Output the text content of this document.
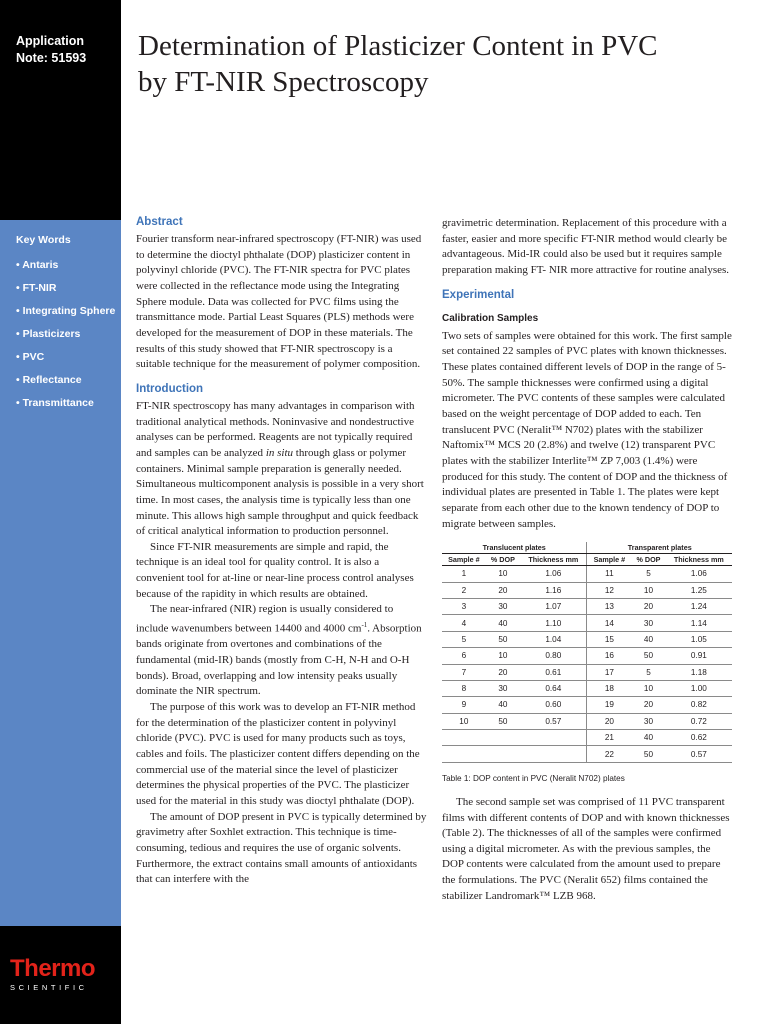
Application
Note: 51593
Key Words
• Antaris
• FT-NIR
• Integrating Sphere
• Plasticizers
• PVC
• Reflectance
• Transmittance
Thermo
SCIENTIFIC
Determination of Plasticizer Content in PVC
by FT-NIR Spectroscopy
Abstract

Fourier transform near-infrared spectroscopy (FT-NIR) was used to determine the dioctyl phthalate (DOP) plasticizer content in polyvinyl chloride (PVC). The FT-NIR spectra for PVC plates were collected in the reflectance mode using the Integrating Sphere module. Data was collected for PVC films using the transmittance mode. Partial Least Squares (PLS) methods were developed for the measurement of DOP in these materials. The results of this study showed that FT-NIR spectroscopy is a suitable technique for the measurement of polymer composition.

Introduction

FT-NIR spectroscopy has many advantages in comparison with traditional analytical methods. Noninvasive and nondestructive analyses can be performed. Reagents are not typically required and samples can be analyzed in situ through glass or polymer containers. Minimal sample preparation is generally needed. Simultaneous multicomponent analysis is possible in a very short time. In most cases, the analysis time is typically less than one minute. This allows high sample throughput and quick feedback of critical analytical information to production personnel.

Since FT-NIR measurements are simple and rapid, the technique is an ideal tool for quality control. It is also a convenient tool for at-line or near-line process control analyses because of the rapidity in which results are obtained.

The near-infrared (NIR) region is usually considered to include wavenumbers between 14400 and 4000 $cm^{-1}$. Absorption bands originate from overtones and combinations of the fundamental (mid-IR) bands (mostly from C-H, N-H and O-H bonds). Broad, overlapping and low intensity peaks usually dominate the NIR spectrum.

The purpose of this work was to develop an FT-NIR method for the determination of the plasticizer content in polyvinyl chloride (PVC). PVC is used for many products such as toys, cables and foils. The plasticizer content differs depending on the commercial use of the material since the level of plasticizer determines the physical properties of the PVC. The plasticizer used for the material in this study was dioctyl phthalate (DOP).

The amount of DOP present in PVC is typically determined by gravimetry after Soxhlet extraction. This technique is time-consuming, tedious and requires the use of organic solvents. Furthermore, the extract contains small amounts of antioxidants that can interfere with the

gravimetric determination. Replacement of this procedure with a faster, easier and more specific FT-NIR method would clearly be advantageous. Mid-IR could also be used but it requires sample preparation making FT- NIR more attractive for routine analyses.

Experimental
Calibration Samples

Two sets of samples were obtained for this work. The first sample set contained 22 samples of PVC plates with known thicknesses. These plates contained different levels of DOP in the range of 5-50%. The sample thicknesses were confirmed using a digital micrometer. The PVC contents of these samples were calculated based on the weight percentage of DOP added to each. Ten translucent PVC (Neralit™ N702) plates with the stabilizer Naftomix™ MCS 20 (2.8%) and twelve (12) transparent PVC plates with the stabilizer Interlite™ ZP 7,003 (1.4%) were produced for this study. The content of DOP and the thickness of individual plates are presented in Table 1. The plates were kept separate from each other due to the known tendency of DOP to migrate between samples.

Translucent plates			Transparent plates		
Sample #	% DOP	Thickness mm	Sample #	% DOP	Thickness mm
1	10	1.06	11	5	1.06
2	20	1.16	12	10	1.25
3	30	1.07	13	20	1.24
4	40	1.10	14	30	1.14
5	50	1.04	15	40	1.05
6	10	0.80	16	50	0.91
7	20	0.61	17	5	1.18
8	30	0.64	18	10	1.00
9	40	0.60	19	20	0.82
10	50	0.57	20	30	0.72
			21	40	0.62
			22	50	0.57
Table 1: DOP content in PVC (Neralit N702) plates

The second sample set was comprised of 11 PVC transparent films with different contents of DOP and with known thicknesses (Table 2). The thicknesses of all of the samples were confirmed using a digital micrometer. As with the previous samples, the DOP contents were calculated from the amount used to prepare the formulations. The PVC (Neralit 652) films contained the stabilizer Landromark™ LZB 968.
